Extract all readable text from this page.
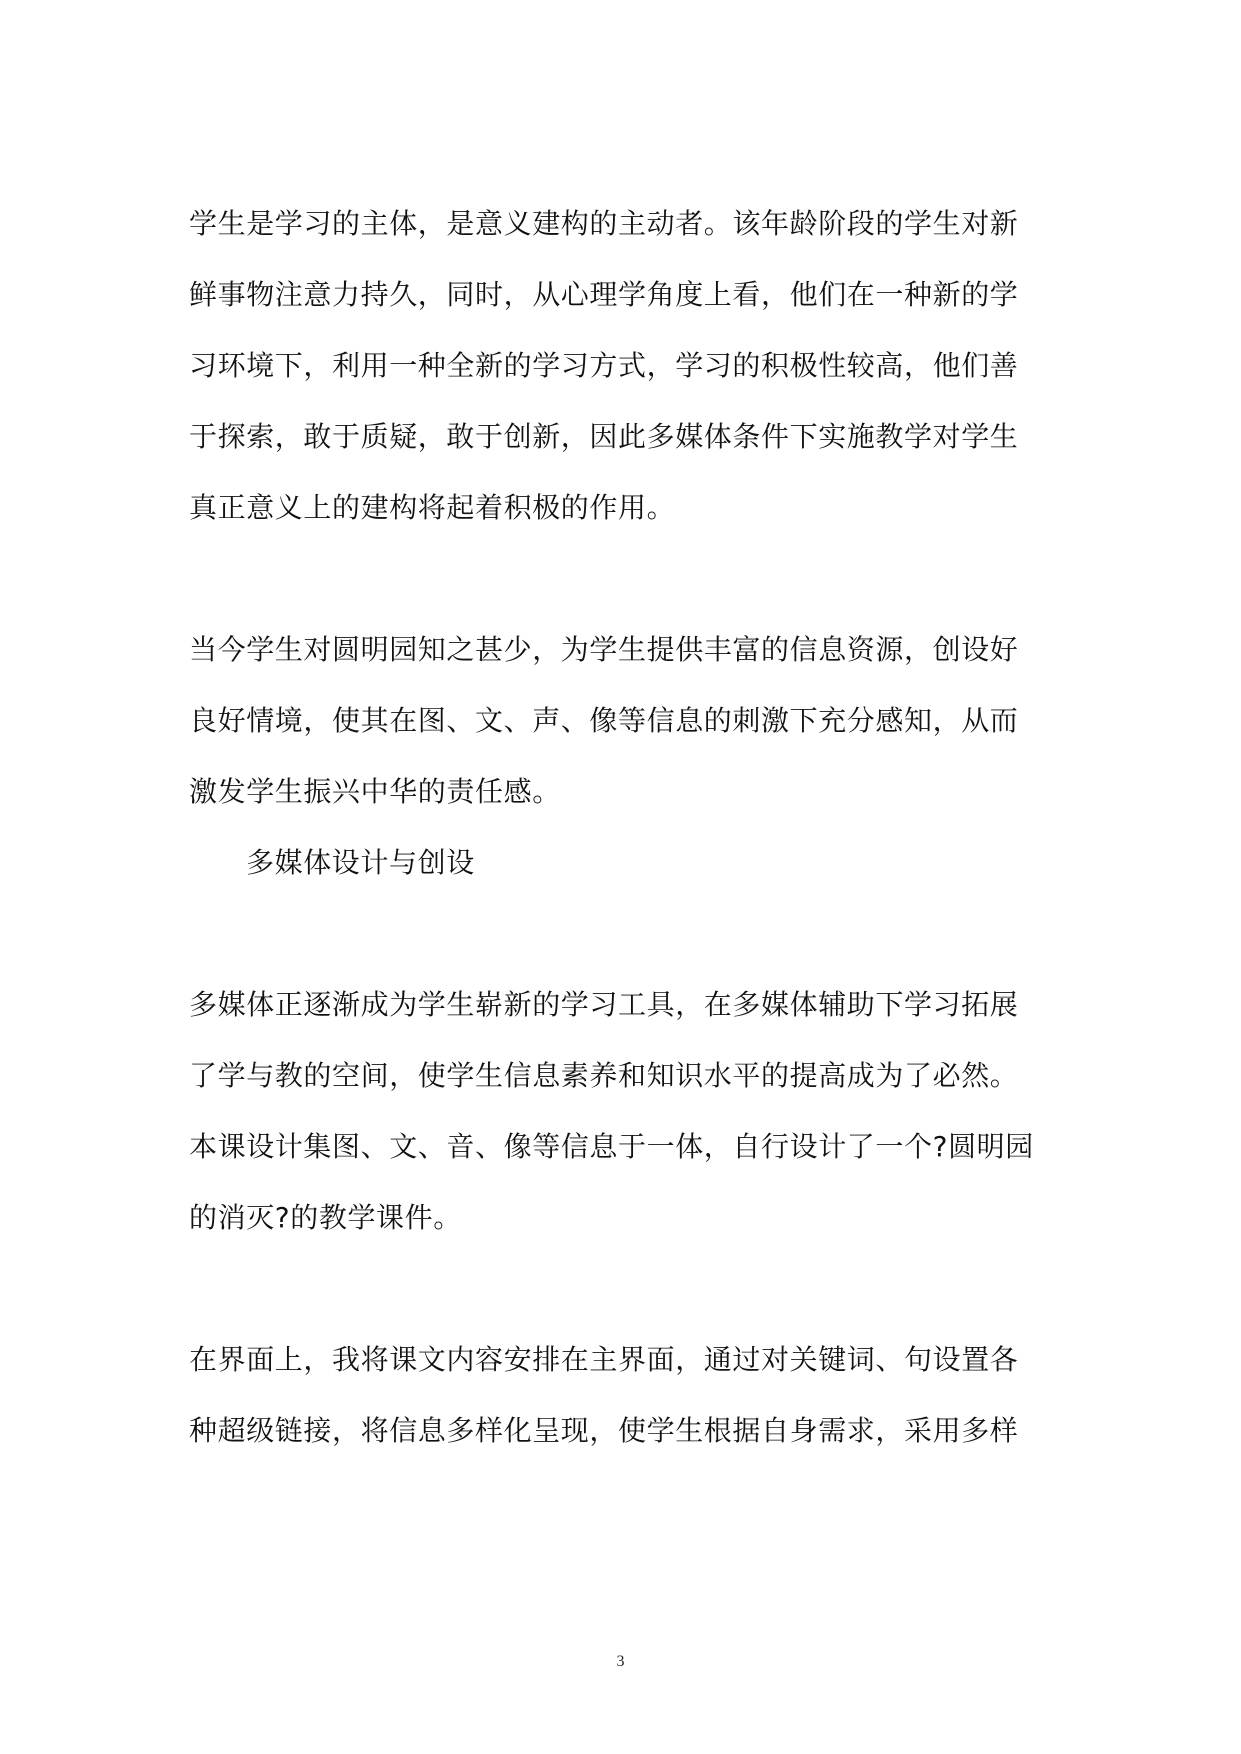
学生是学习的主体，是意义建构的主动者。该年龄阶段的学生对新
鲜事物注意力持久，同时，从心理学角度上看，他们在一种新的学
习环境下，利用一种全新的学习方式，学习的积极性较高，他们善
于探索，敢于质疑，敢于创新，因此多媒体条件下实施教学对学生
真正意义上的建构将起着积极的作用。
当今学生对圆明园知之甚少，为学生提供丰富的信息资源，创设好
良好情境，使其在图、文、声、像等信息的刺激下充分感知，从而
激发学生振兴中华的责任感。
多媒体设计与创设
多媒体正逐渐成为学生崭新的学习工具，在多媒体辅助下学习拓展
了学与教的空间，使学生信息素养和知识水平的提高成为了必然。
本课设计集图、文、音、像等信息于一体，自行设计了一个?圆明园
的消灭?的教学课件。
在界面上，我将课文内容安排在主界面，通过对关键词、句设置各
种超级链接，将信息多样化呈现，使学生根据自身需求，采用多样
3
